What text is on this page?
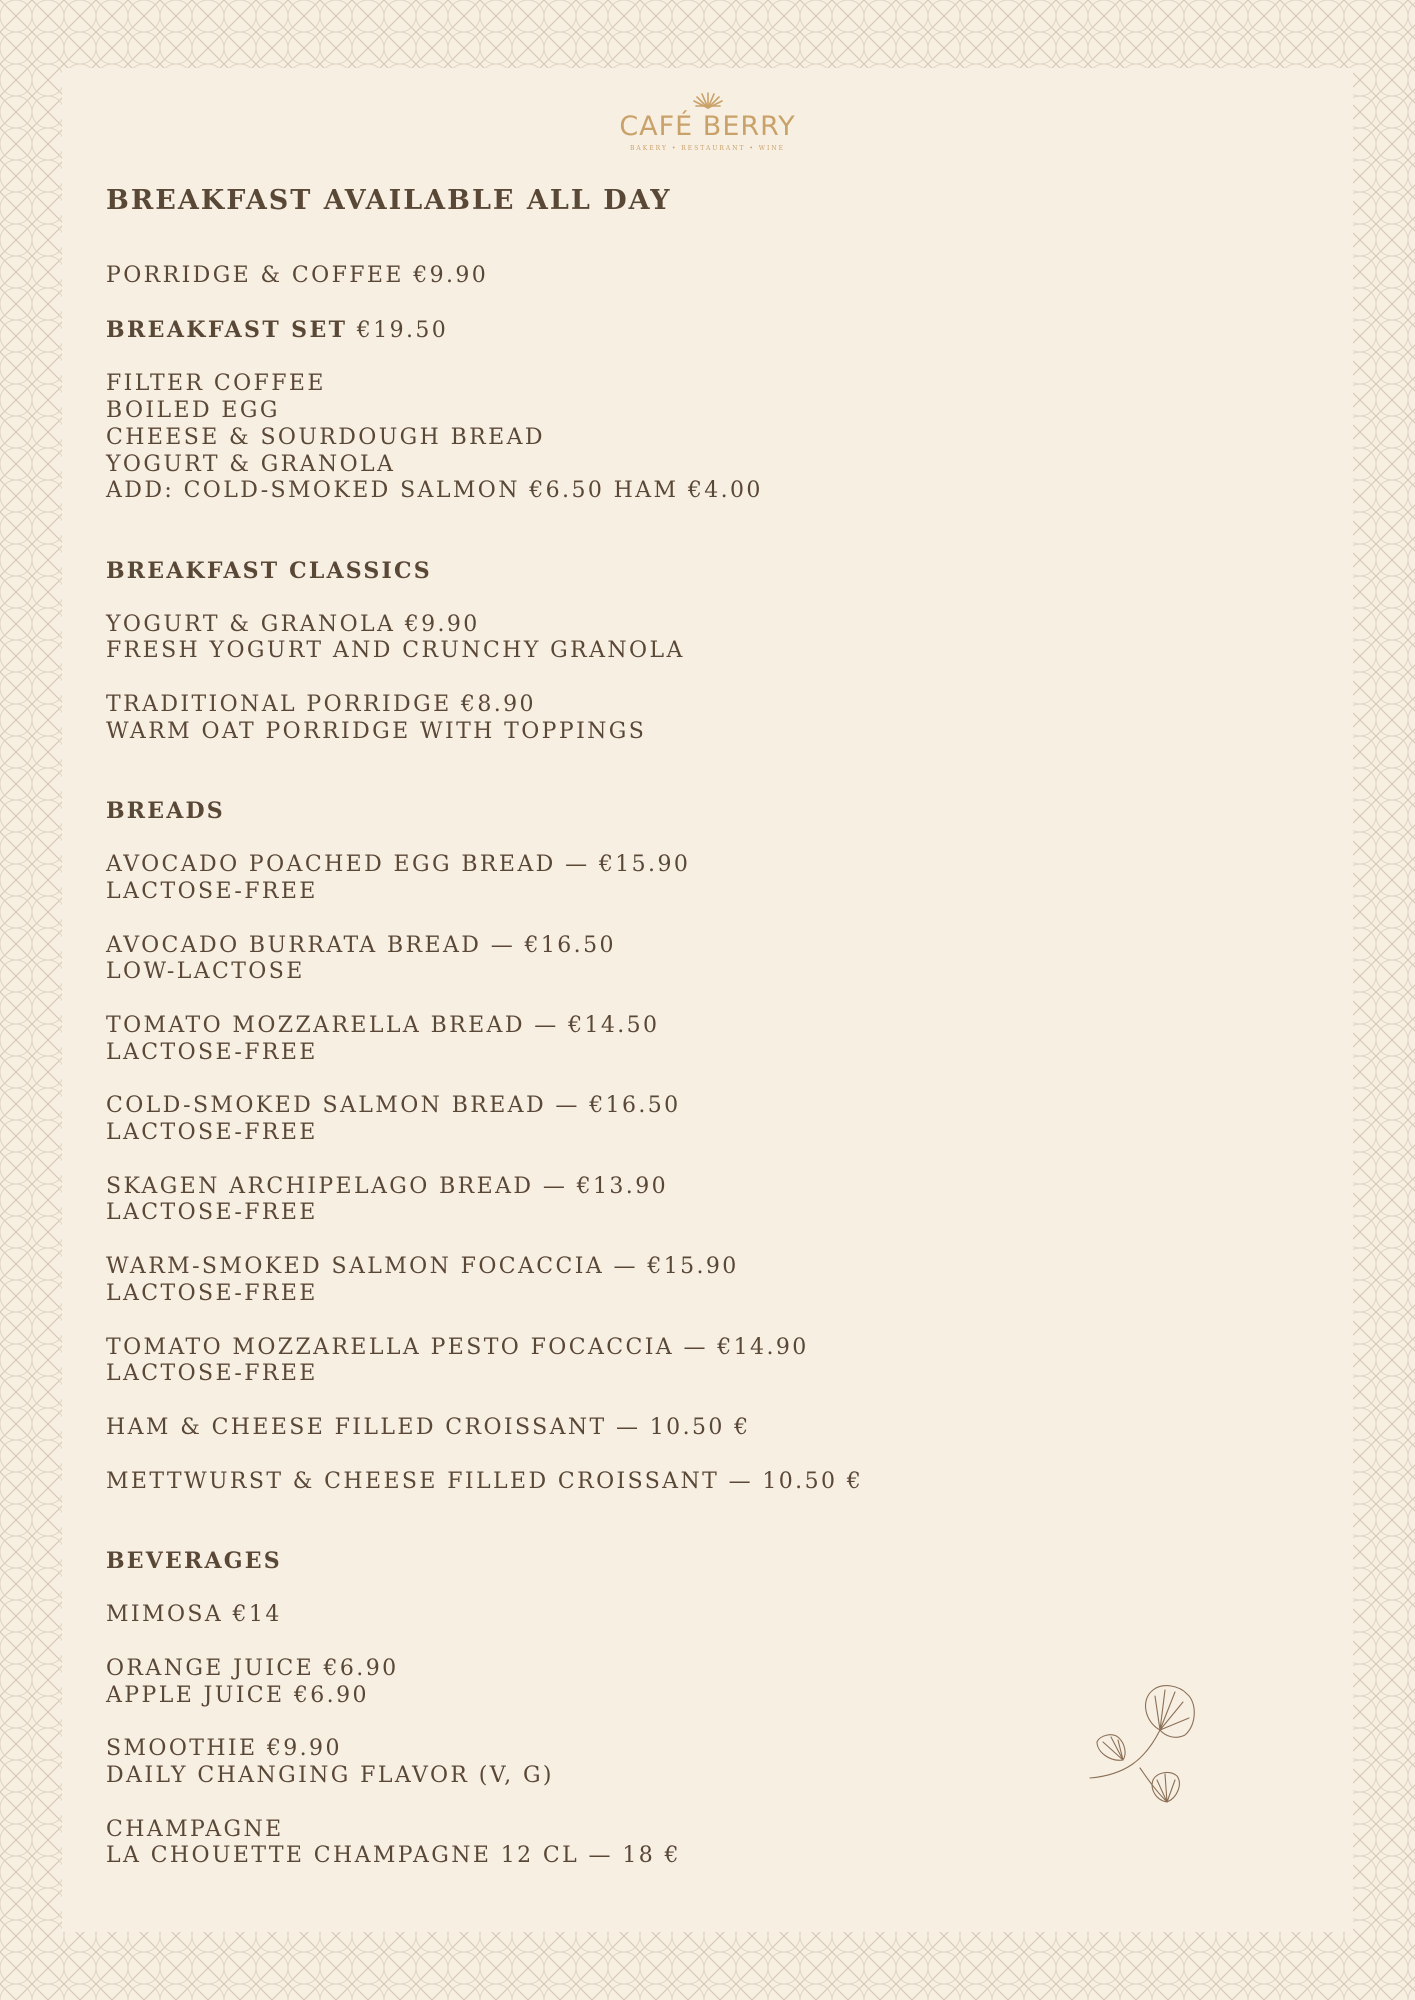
CAFÉ BERRY
BAKERY • RESTAURANT • WINE
BREAKFAST AVAILABLE ALL DAY
PORRIDGE & COFFEE €9.90
BREAKFAST SET €19.50
FILTER COFFEE
BOILED EGG
CHEESE & SOURDOUGH BREAD
YOGURT & GRANOLA
ADD: COLD-SMOKED SALMON €6.50 HAM €4.00
BREAKFAST CLASSICS
YOGURT & GRANOLA €9.90
FRESH YOGURT AND CRUNCHY GRANOLA
TRADITIONAL PORRIDGE €8.90
WARM OAT PORRIDGE WITH TOPPINGS
BREADS
AVOCADO POACHED EGG BREAD — €15.90
LACTOSE-FREE
AVOCADO BURRATA BREAD — €16.50
LOW-LACTOSE
TOMATO MOZZARELLA BREAD — €14.50
LACTOSE-FREE
COLD-SMOKED SALMON BREAD — €16.50
LACTOSE-FREE
SKAGEN ARCHIPELAGO BREAD — €13.90
LACTOSE-FREE
WARM-SMOKED SALMON FOCACCIA — €15.90
LACTOSE-FREE
TOMATO MOZZARELLA PESTO FOCACCIA — €14.90
LACTOSE-FREE
HAM & CHEESE FILLED CROISSANT — 10.50 €
METTWURST & CHEESE FILLED CROISSANT — 10.50 €
BEVERAGES
MIMOSA €14
ORANGE JUICE €6.90
APPLE JUICE €6.90
SMOOTHIE €9.90
DAILY CHANGING FLAVOR (V, G)
CHAMPAGNE
LA CHOUETTE CHAMPAGNE 12 CL — 18 €
